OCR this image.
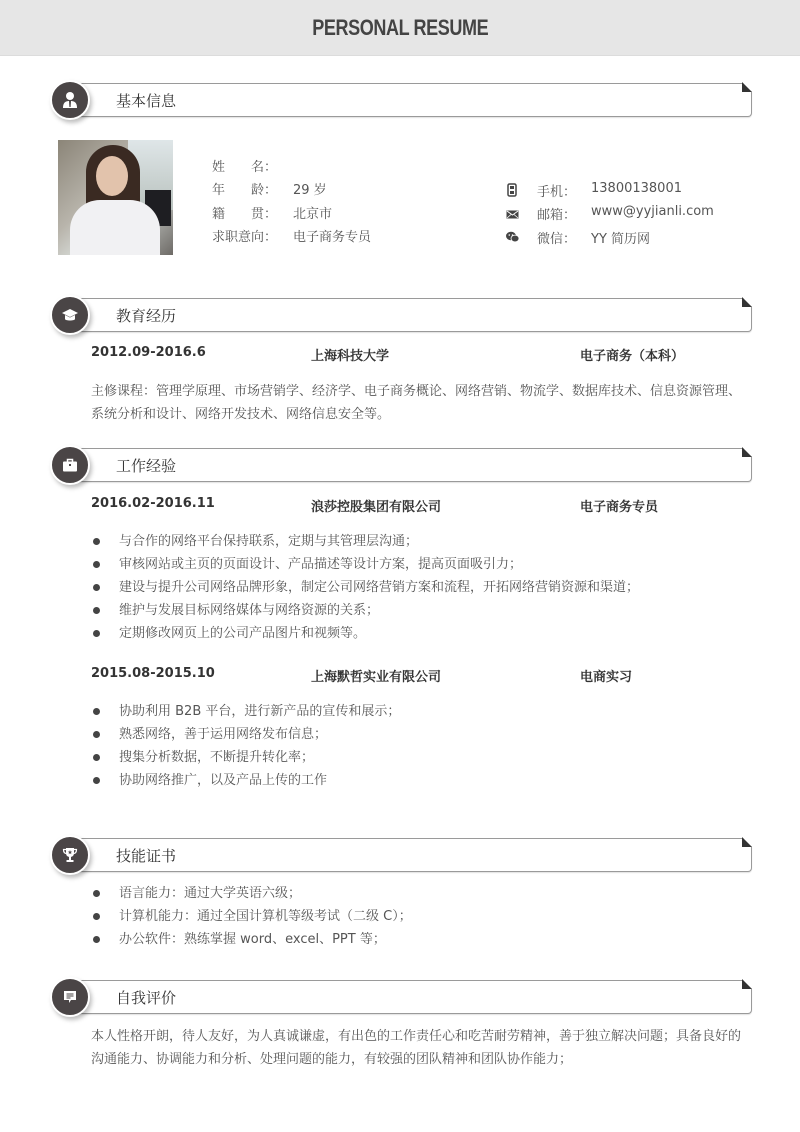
PERSONAL RESUME
基本信息
姓　　名：
年　　龄： 29 岁
籍　　贯： 北京市
求职意向： 电子商务专员
手机： 13800138001
邮箱： www@yyjianli.com
微信： YY 简历网
教育经历
2012.09-2016.6	上海科技大学	电子商务（本科）

主修课程：管理学原理、市场营销学、经济学、电子商务概论、网络营销、物流学、数据库技术、信息资源管理、系统分析和设计、网络开发技术、网络信息安全等。

工作经验
2016.02-2016.11	浪莎控股集团有限公司	电子商务专员
与合作的网络平台保持联系，定期与其管理层沟通；
审核网站或主页的页面设计、产品描述等设计方案，提高页面吸引力；
建设与提升公司网络品牌形象，制定公司网络营销方案和流程，开拓网络营销资源和渠道；
维护与发展目标网络媒体与网络资源的关系；
定期修改网页上的公司产品图片和视频等。
2015.08-2015.10	上海默哲实业有限公司	电商实习
协助利用 B2B 平台，进行新产品的宣传和展示；
熟悉网络，善于运用网络发布信息；
搜集分析数据，不断提升转化率；
协助网络推广，以及产品上传的工作
技能证书
语言能力：通过大学英语六级；
计算机能力：通过全国计算机等级考试（二级 C）；
办公软件：熟练掌握 word、excel、PPT 等；
自我评价

本人性格开朗，待人友好，为人真诚谦虚，有出色的工作责任心和吃苦耐劳精神，善于独立解决问题；具备良好的沟通能力、协调能力和分析、处理问题的能力，有较强的团队精神和团队协作能力；
